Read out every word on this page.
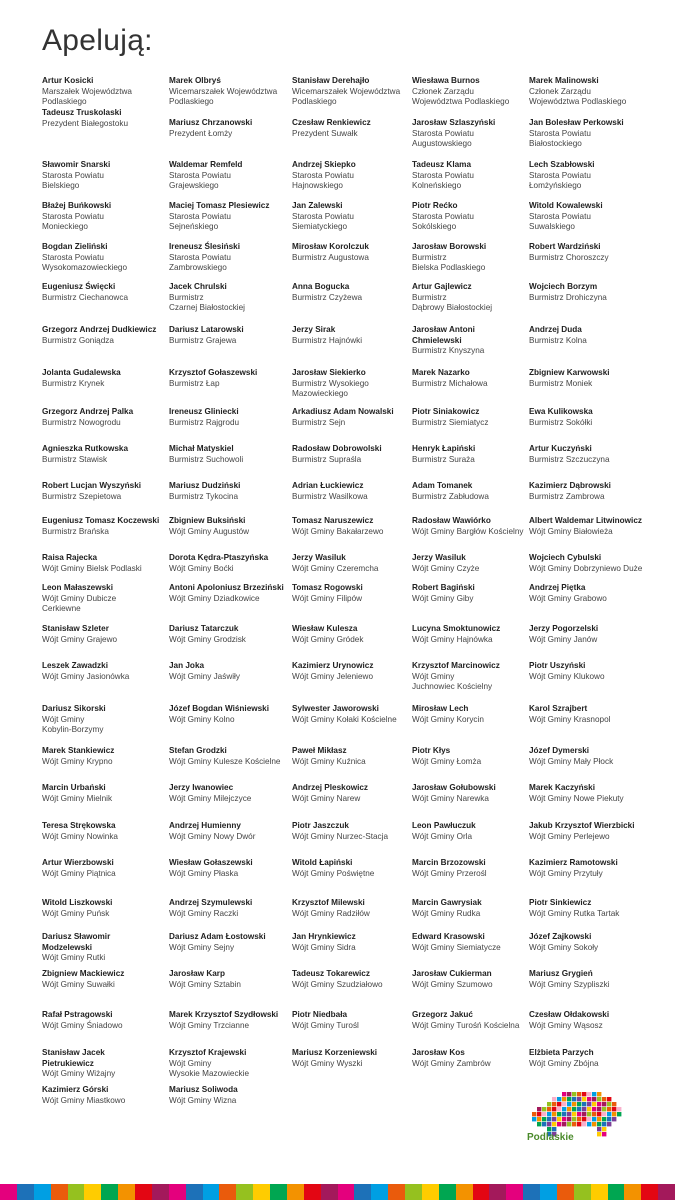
Apelują:
Artur Kosicki
Marszałek Województwa
Podlaskiego
Tadeusz Truskolaski
Prezydent Białegostoku
Sławomir Snarski
Starosta Powiatu
Bielskiego
Błażej Buńkowski
Starosta Powiatu
Monieckiego
Bogdan Zieliński
Starosta Powiatu
Wysokomazowieckiego
Eugeniusz Święcki
Burmistrz Ciechanowca
Grzegorz Andrzej Dudkiewicz
Burmistrz Goniądza
Jolanta Gudalewska
Burmistrz Krynek
Grzegorz Andrzej Palka
Burmistrz Nowogrodu
Agnieszka Rutkowska
Burmistrz Stawisk
Robert Lucjan Wyszyński
Burmistrz Szepietowa
Eugeniusz Tomasz Koczewski
Burmistrz Brańska
Raisa Rajecka
Wójt Gminy Bielsk Podlaski
Leon Małaszewski
Wójt Gminy Dubicze
Cerkiewne
Stanisław Szleter
Wójt Gminy Grajewo
Leszek Zawadzki
Wójt Gminy Jasionówka
Dariusz Sikorski
Wójt Gminy
Kobylin-Borzymy
Marek Stankiewicz
Wójt Gminy Krypno
Marcin Urbański
Wójt Gminy Mielnik
Teresa Strękowska
Wójt Gminy Nowinka
Artur Wierzbowski
Wójt Gminy Piątnica
Witold Liszkowski
Wójt Gminy Puńsk
Dariusz Sławomir
Modzelewski
Wójt Gminy Rutki
Zbigniew Mackiewicz
Wójt Gminy Suwałki
Rafał Pstragowski
Wójt Gminy Śniadowo
Stanisław Jacek
Pietrukiewicz
Wójt Gminy Wiżajny
Kazimierz Górski
Wójt Gminy Miastkowo
Marek Olbryś
Wicemarszałek Województwa
Podlaskiego
Mariusz Chrzanowski
Prezydent Łomży
Waldemar Remfeld
Starosta Powiatu
Grajewskiego
Maciej Tomasz Plesiewicz
Starosta Powiatu
Sejneńskiego
Ireneusz Ślesiński
Starosta Powiatu
Zambrowskiego
Jacek Chrulski
Burmistrz
Czarnej Białostockiej
Dariusz Latarowski
Burmistrz Grajewa
Krzysztof Gołaszewski
Burmistrz Łap
Ireneusz Gliniecki
Burmistrz Rajgrodu
Michał Matyskiel
Burmistrz Suchowoli
Mariusz Dudziński
Burmistrz Tykocina
Zbigniew Buksiński
Wójt Gminy Augustów
Dorota Kędra-Ptaszyńska
Wójt Gminy Boćki
Antoni Apoloniusz Brzeziński
Wójt Gminy Dziadkowice
Dariusz Tatarczuk
Wójt Gminy Grodzisk
Jan Joka
Wójt Gminy Jaświły
Józef Bogdan Wiśniewski
Wójt Gminy Kolno
Stefan Grodzki
Wójt Gminy Kulesze Kościelne
Jerzy Iwanowiec
Wójt Gminy Milejczyce
Andrzej Humienny
Wójt Gminy Nowy Dwór
Wiesław Gołaszewski
Wójt Gminy Płaska
Andrzej Szymulewski
Wójt Gminy Raczki
Dariusz Adam Łostowski
Wójt Gminy Sejny
Jarosław Karp
Wójt Gminy Sztabin
Marek Krzysztof Szydłowski
Wójt Gminy Trzcianne
Krzysztof Krajewski
Wójt Gminy
Wysokie Mazowieckie
Mariusz Soliwoda
Wójt Gminy Wizna
Stanisław Derehajło
Wicemarszałek Województwa
Podlaskiego
Czesław Renkiewicz
Prezydent Suwałk
Andrzej Skiepko
Starosta Powiatu
Hajnowskiego
Jan Zalewski
Starosta Powiatu
Siemiatyckiego
Mirosław Korolczuk
Burmistrz Augustowa
Anna Bogucka
Burmistrz Czyżewa
Jerzy Sirak
Burmistrz Hajnówki
Jarosław Siekierko
Burmistrz Wysokiego
Mazowieckiego
Arkadiusz Adam Nowalski
Burmistrz Sejn
Radosław Dobrowolski
Burmistrz Supraśla
Adrian Łuckiewicz
Burmistrz Wasilkowa
Tomasz Naruszewicz
Wójt Gminy Bakałarzewo
Jerzy Wasiluk
Wójt Gminy Czeremcha
Tomasz Rogowski
Wójt Gminy Filipów
Wiesław Kulesza
Wójt Gminy Gródek
Kazimierz Urynowicz
Wójt Gminy Jeleniewo
Sylwester Jaworowski
Wójt Gminy Kołaki Kościelne
Paweł Mikłasz
Wójt Gminy Kuźnica
Andrzej Pleskowicz
Wójt Gminy Narew
Piotr Jaszczuk
Wójt Gminy Nurzec-Stacja
Witold Łapiński
Wójt Gminy Poświętne
Krzysztof Milewski
Wójt Gminy Radziłów
Jan Hrynkiewicz
Wójt Gminy Sidra
Tadeusz Tokarewicz
Wójt Gminy Szudziałowo
Piotr Niedbała
Wójt Gminy Turośl
Mariusz Korzeniewski
Wójt Gminy Wyszki
Wiesława Burnos
Członek Zarządu
Województwa Podlaskiego
Jarosław Szlaszyński
Starosta Powiatu
Augustowskiego
Tadeusz Klama
Starosta Powiatu
Kolneńskiego
Piotr Rećko
Starosta Powiatu
Sokólskiego
Jarosław Borowski
Burmistrz
Bielska Podlaskiego
Artur Gajlewicz
Burmistrz
Dąbrowy Białostockiej
Jarosław Antoni
Chmielewski
Burmistrz Knyszyna
Marek Nazarko
Burmistrz Michałowa
Piotr Siniakowicz
Burmistrz Siemiatycz
Henryk Łapiński
Burmistrz Suraża
Adam Tomanek
Burmistrz Zabłudowa
Radosław Wawiórko
Wójt Gminy Bargłów Kościelny
Jerzy Wasiluk
Wójt Gminy Czyże
Robert Bagiński
Wójt Gminy Giby
Lucyna Smoktunowicz
Wójt Gminy Hajnówka
Krzysztof Marcinowicz
Wójt Gminy
Juchnowiec Kościelny
Mirosław Lech
Wójt Gminy Korycin
Piotr Kłys
Wójt Gminy Łomża
Jarosław Gołubowski
Wójt Gminy Narewka
Leon Pawłuczuk
Wójt Gminy Orla
Marcin Brzozowski
Wójt Gminy Przerośl
Marcin Gawrysiak
Wójt Gminy Rudka
Edward Krasowski
Wójt Gminy Siemiatycze
Jarosław Cukierman
Wójt Gminy Szumowo
Grzegorz Jakuć
Wójt Gminy Turośń Kościelna
Jarosław Kos
Wójt Gminy Zambrów
Marek Malinowski
Członek Zarządu
Województwa Podlaskiego
Jan Bolesław Perkowski
Starosta Powiatu
Białostockiego
Lech Szabłowski
Starosta Powiatu
Łomżyńskiego
Witold Kowalewski
Starosta Powiatu
Suwalskiego
Robert Wardziński
Burmistrz Choroszczy
Wojciech Borzym
Burmistrz Drohiczyna
Andrzej Duda
Burmistrz Kolna
Zbigniew Karwowski
Burmistrz Moniek
Ewa Kulikowska
Burmistrz Sokółki
Artur Kuczyński
Burmistrz Szczuczyna
Kazimierz Dąbrowski
Burmistrz Zambrowa
Albert Waldemar Litwinowicz
Wójt Gminy Białowieża
Wojciech Cybulski
Wójt Gminy Dobrzyniewo Duże
Andrzej Piętka
Wójt Gminy Grabowo
Jerzy Pogorzelski
Wójt Gminy Janów
Piotr Uszyński
Wójt Gminy Klukowo
Karol Szrajbert
Wójt Gminy Krasnopol
Józef Dymerski
Wójt Gminy Mały Płock
Marek Kaczyński
Wójt Gminy Nowe Piekuty
Jakub Krzysztof Wierzbicki
Wójt Gminy Perlejewo
Kazimierz Ramotowski
Wójt Gminy Przytuły
Piotr Sinkiewicz
Wójt Gminy Rutka Tartak
Józef Zajkowski
Wójt Gminy Sokoły
Mariusz Grygień
Wójt Gminy Szypliszki
Czesław Ołdakowski
Wójt Gminy Wąsosz
Elżbieta Parzych
Wójt Gminy Zbójna
Podlaskie
